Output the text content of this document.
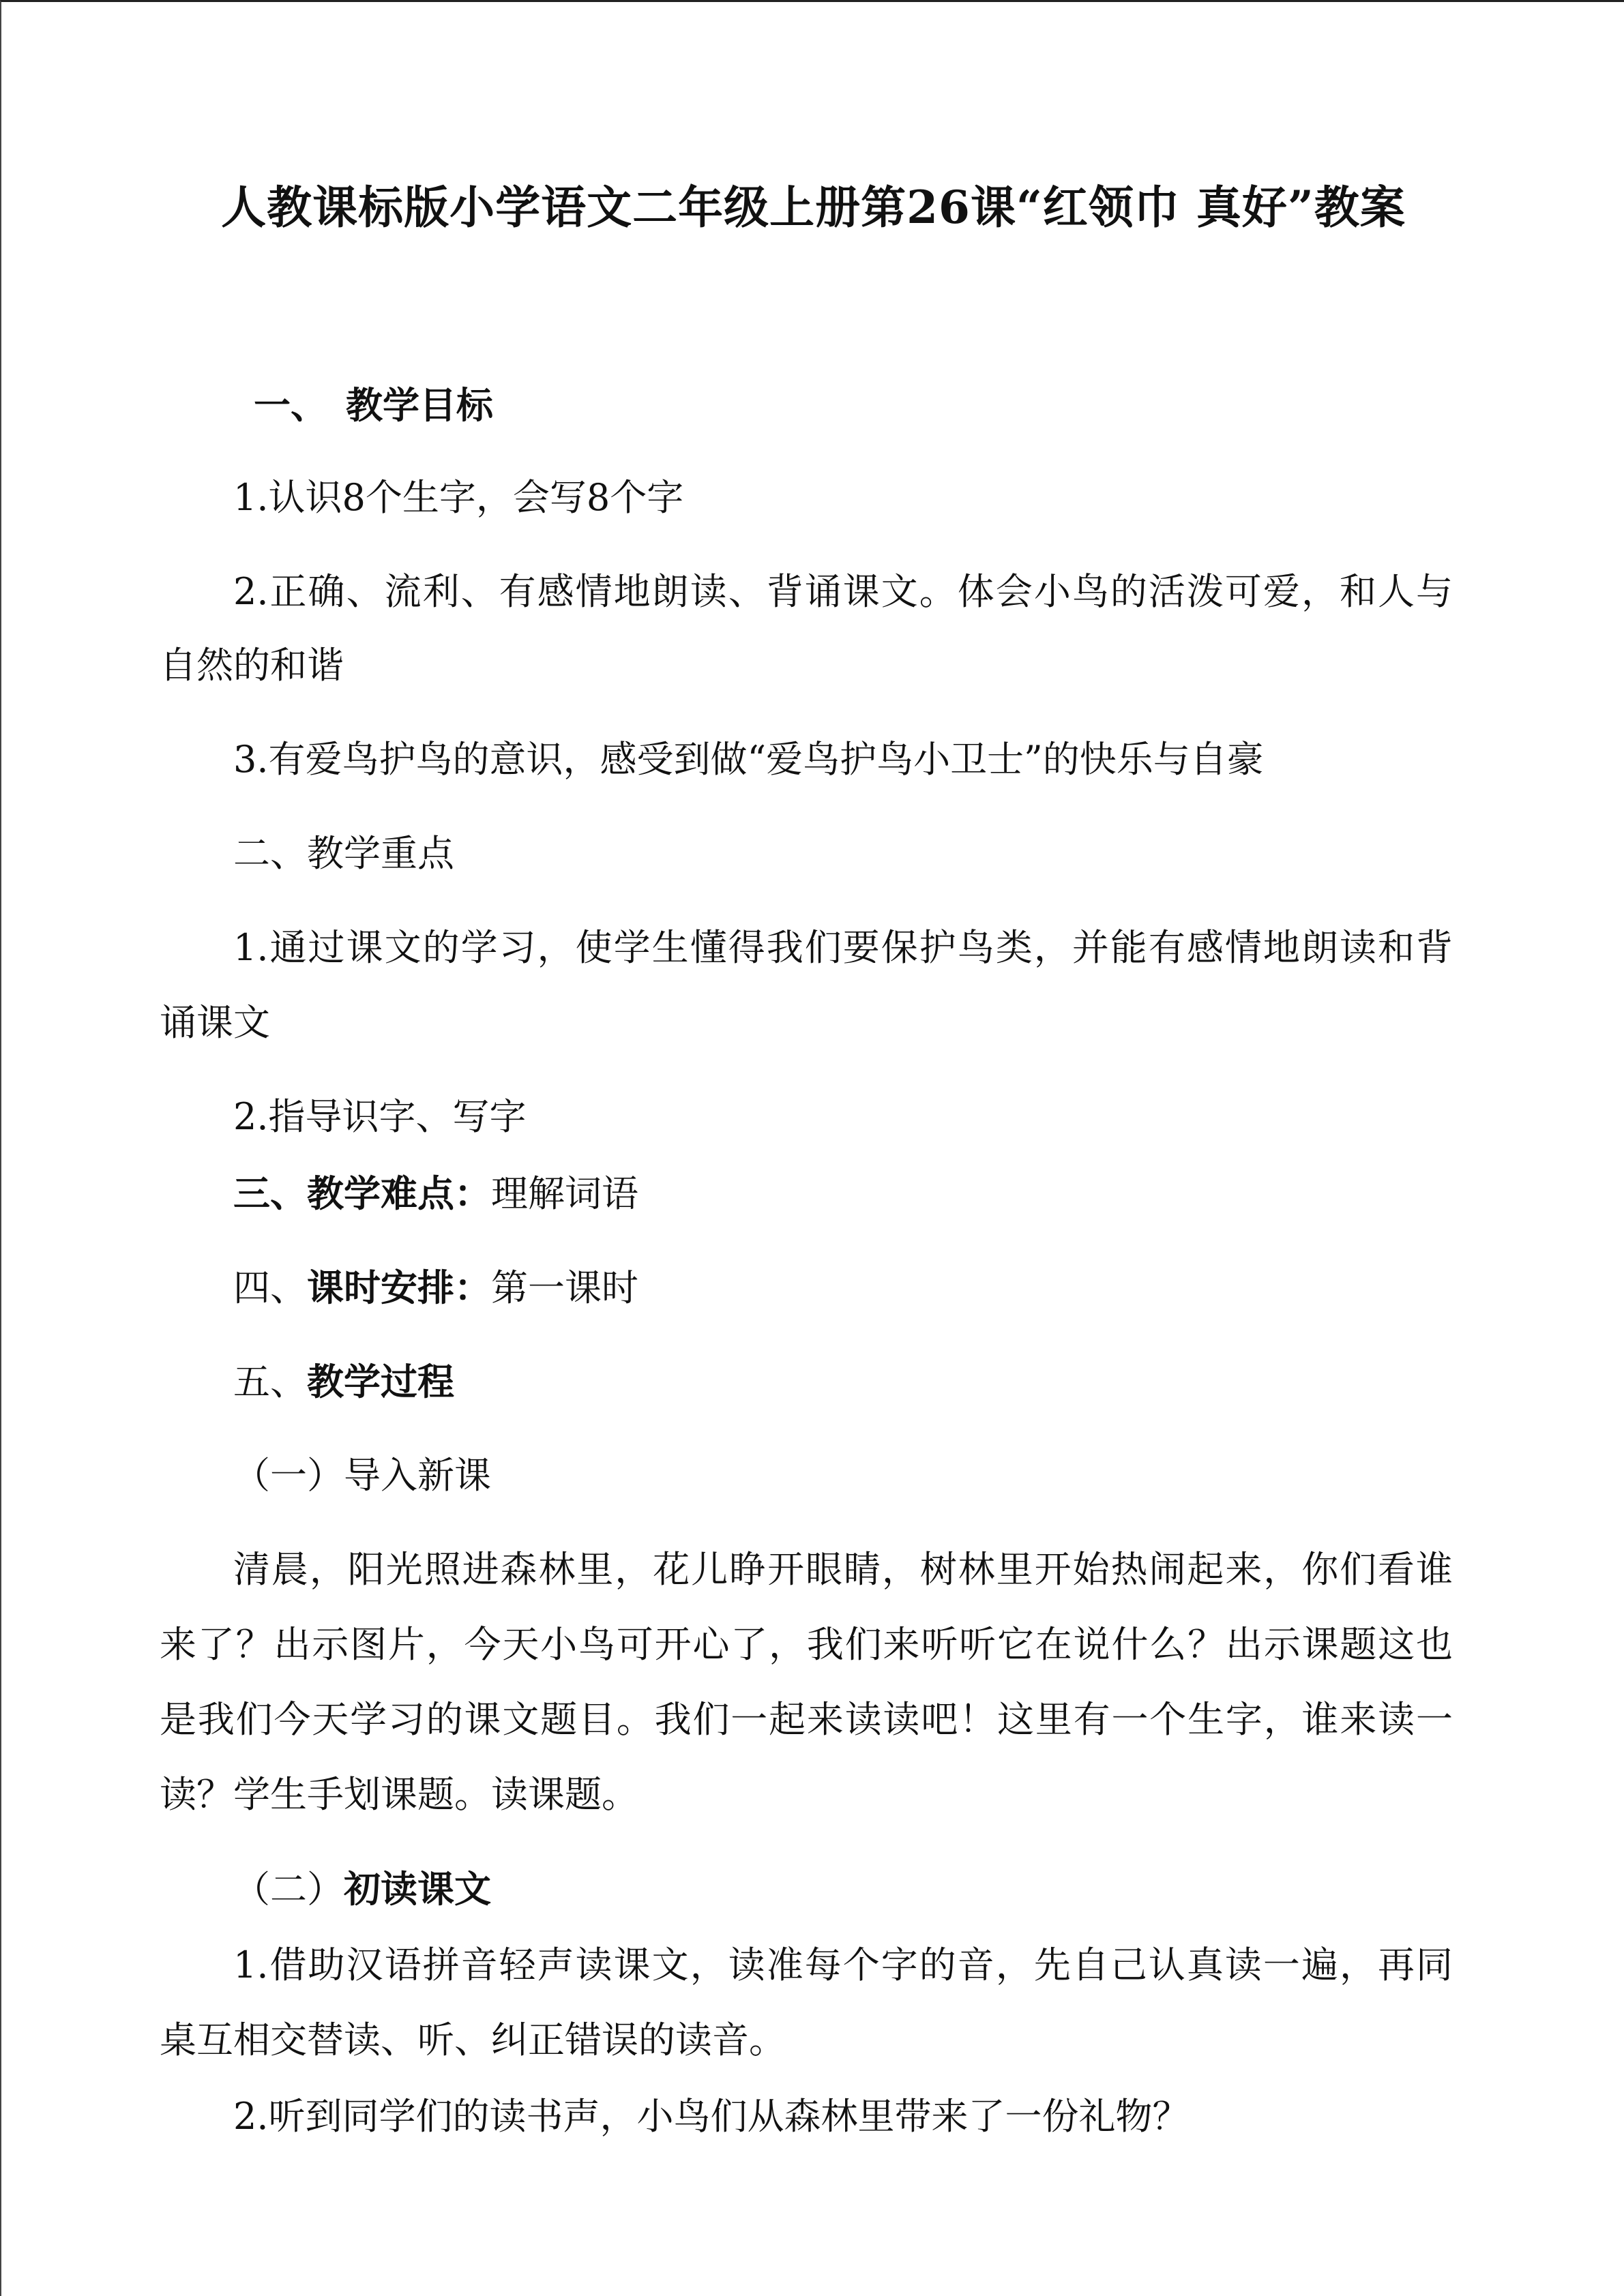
人教课标版小学语文二年级上册第26课“红领巾 真好”教案
一、　教学目标
1.认识8个生字，会写8个字
2.正确、流利、有感情地朗读、背诵课文。体会小鸟的活泼可爱，和人与
自然的和谐
3.有爱鸟护鸟的意识，感受到做“爱鸟护鸟小卫士”的快乐与自豪
二、教学重点
1.通过课文的学习，使学生懂得我们要保护鸟类，并能有感情地朗读和背
诵课文
2.指导识字、写字
三、教学难点：理解词语
四、课时安排：第一课时
五、教学过程
（一）导入新课
清晨，阳光照进森林里，花儿睁开眼睛，树林里开始热闹起来，你们看谁
来了？出示图片，今天小鸟可开心了，我们来听听它在说什么？出示课题这也
是我们今天学习的课文题目。我们一起来读读吧！这里有一个生字，谁来读一
读？学生手划课题。读课题。
（二）初读课文
1.借助汉语拼音轻声读课文，读准每个字的音，先自己认真读一遍，再同
桌互相交替读、听、纠正错误的读音。
2.听到同学们的读书声，小鸟们从森林里带来了一份礼物？
